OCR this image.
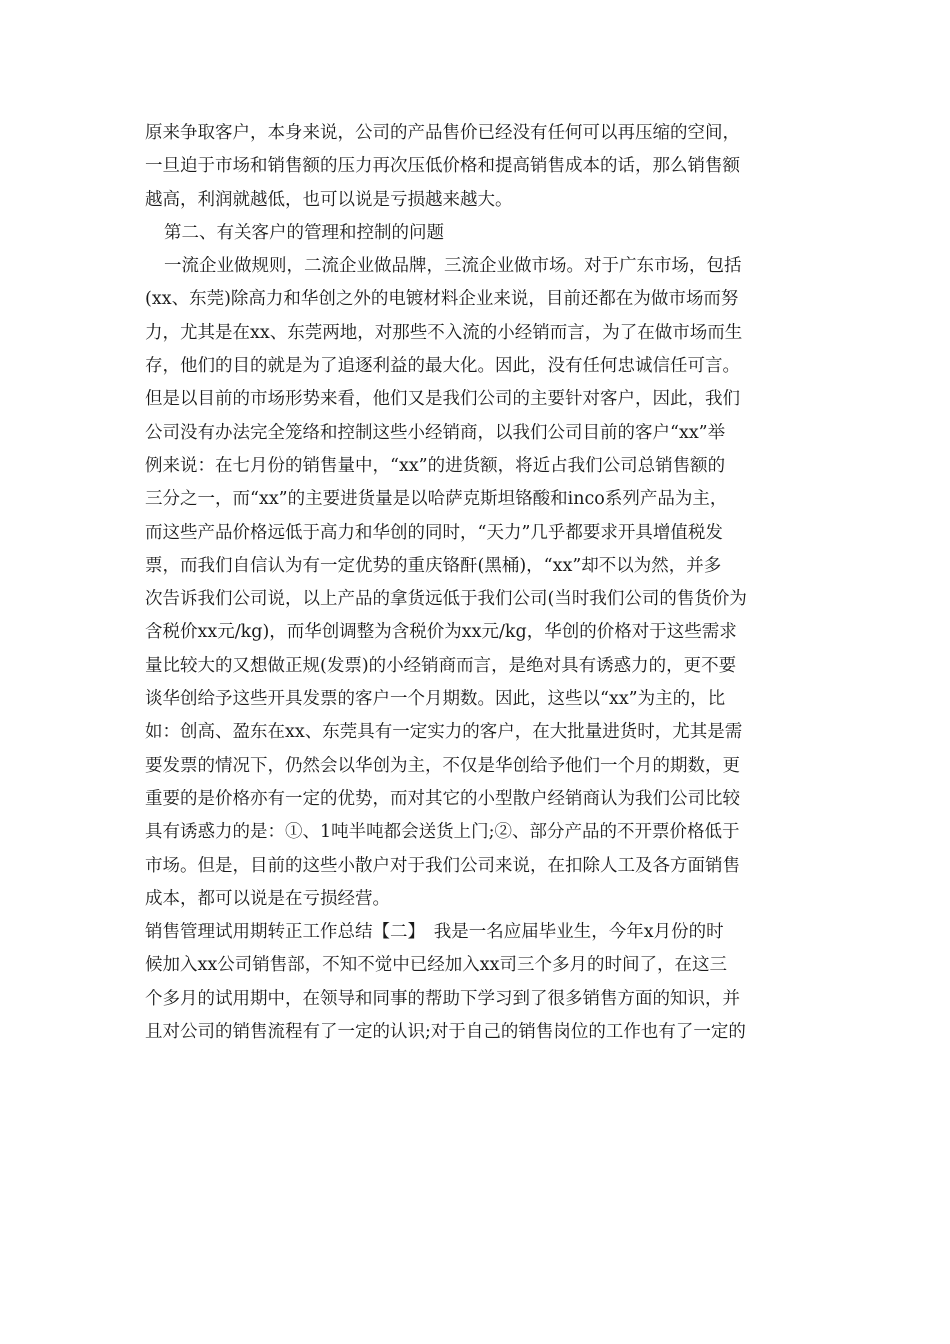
原来争取客户，本身来说，公司的产品售价已经没有任何可以再压缩的空间，
一旦迫于市场和销售额的压力再次压低价格和提高销售成本的话，那么销售额
越高，利润就越低，也可以说是亏损越来越大。
第二、有关客户的管理和控制的问题
一流企业做规则，二流企业做品牌，三流企业做市场。对于广东市场，包括
(xx、东莞)除高力和华创之外的电镀材料企业来说，目前还都在为做市场而努
力，尤其是在xx、东莞两地，对那些不入流的小经销而言，为了在做市场而生
存，他们的目的就是为了追逐利益的最大化。因此，没有任何忠诚信任可言。
但是以目前的市场形势来看，他们又是我们公司的主要针对客户，因此，我们
公司没有办法完全笼络和控制这些小经销商，以我们公司目前的客户“xx”举
例来说：在七月份的销售量中，“xx”的进货额，将近占我们公司总销售额的
三分之一，而“xx”的主要进货量是以哈萨克斯坦铬酸和inco系列产品为主，
而这些产品价格远低于高力和华创的同时，“天力”几乎都要求开具增值税发
票，而我们自信认为有一定优势的重庆铬酐(黑桶)，“xx”却不以为然，并多
次告诉我们公司说，以上产品的拿货远低于我们公司(当时我们公司的售货价为
含税价xx元/kg)，而华创调整为含税价为xx元/kg，华创的价格对于这些需求
量比较大的又想做正规(发票)的小经销商而言，是绝对具有诱惑力的，更不要
谈华创给予这些开具发票的客户一个月期数。因此，这些以“xx”为主的，比
如：创高、盈东在xx、东莞具有一定实力的客户，在大批量进货时，尤其是需
要发票的情况下，仍然会以华创为主，不仅是华创给予他们一个月的期数，更
重要的是价格亦有一定的优势，而对其它的小型散户经销商认为我们公司比较
具有诱惑力的是：①、1吨半吨都会送货上门;②、部分产品的不开票价格低于
市场。但是，目前的这些小散户对于我们公司来说，在扣除人工及各方面销售
成本，都可以说是在亏损经营。
销售管理试用期转正工作总结【二】　我是一名应届毕业生，今年x月份的时
候加入xx公司销售部，不知不觉中已经加入xx司三个多月的时间了，在这三
个多月的试用期中，在领导和同事的帮助下学习到了很多销售方面的知识，并
且对公司的销售流程有了一定的认识;对于自己的销售岗位的工作也有了一定的
